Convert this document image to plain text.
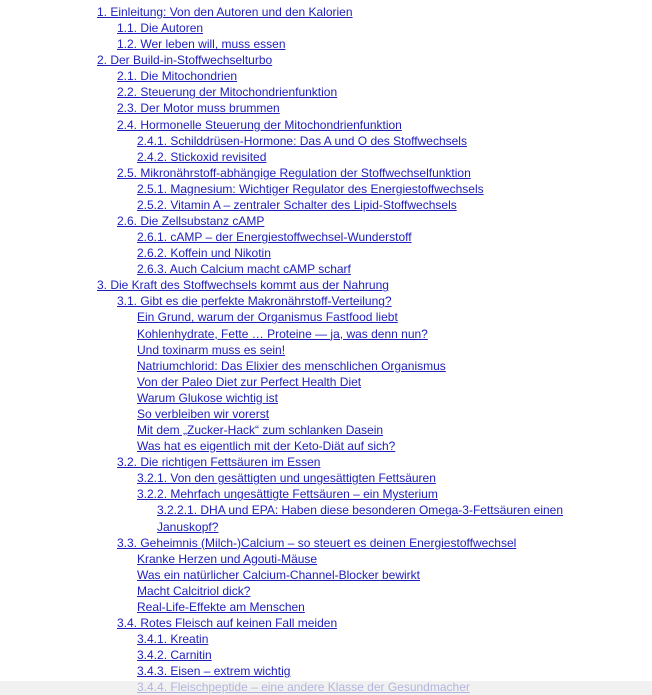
1. Einleitung: Von den Autoren und den Kalorien
1.1. Die Autoren
1.2. Wer leben will, muss essen
2. Der Build-in-Stoffwechselturbo
2.1. Die Mitochondrien
2.2. Steuerung der Mitochondrienfunktion
2.3. Der Motor muss brummen
2.4. Hormonelle Steuerung der Mitochondrienfunktion
2.4.1. Schilddrüsen-Hormone: Das A und O des Stoffwechsels
2.4.2. Stickoxid revisited
2.5. Mikronährstoff-abhängige Regulation der Stoffwechselfunktion
2.5.1. Magnesium: Wichtiger Regulator des Energiestoffwechsels
2.5.2. Vitamin A – zentraler Schalter des Lipid-Stoffwechsels
2.6. Die Zellsubstanz cAMP
2.6.1. cAMP – der Energiestoffwechsel-Wunderstoff
2.6.2. Koffein und Nikotin
2.6.3. Auch Calcium macht cAMP scharf
3. Die Kraft des Stoffwechsels kommt aus der Nahrung
3.1. Gibt es die perfekte Makronährstoff-Verteilung?
Ein Grund, warum der Organismus Fastfood liebt
Kohlenhydrate, Fette … Proteine — ja, was denn nun?
Und toxinarm muss es sein!
Natriumchlorid: Das Elixier des menschlichen Organismus
Von der Paleo Diet zur Perfect Health Diet
Warum Glukose wichtig ist
So verbleiben wir vorerst
Mit dem „Zucker-Hack“ zum schlanken Dasein
Was hat es eigentlich mit der Keto-Diät auf sich?
3.2. Die richtigen Fettsäuren im Essen
3.2.1. Von den gesättigten und ungesättigten Fettsäuren
3.2.2. Mehrfach ungesättigte Fettsäuren – ein Mysterium
3.2.2.1. DHA und EPA: Haben diese besonderen Omega-3-Fettsäuren einen
Januskopf?
3.3. Geheimnis (Milch-)Calcium – so steuert es deinen Energiestoffwechsel
Kranke Herzen und Agouti-Mäuse
Was ein natürlicher Calcium-Channel-Blocker bewirkt
Macht Calcitriol dick?
Real-Life-Effekte am Menschen
3.4. Rotes Fleisch auf keinen Fall meiden
3.4.1. Kreatin
3.4.2. Carnitin
3.4.3. Eisen – extrem wichtig
